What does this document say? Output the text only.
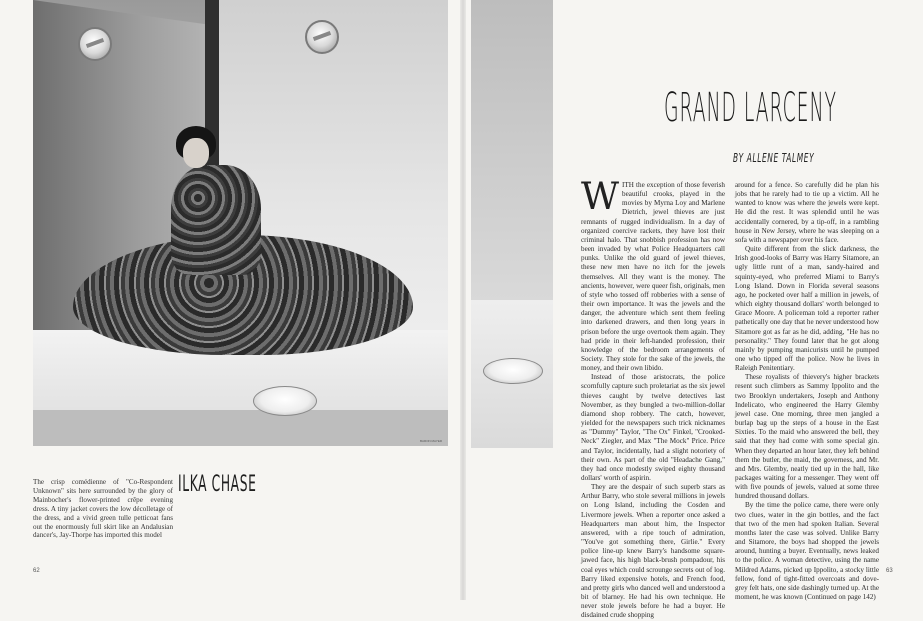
BARON MAYER
The crisp comédienne of "Co-Respondent Unknown" sits here surrounded by the glory of Mainbocher's flower-printed crêpe evening dress. A tiny jacket covers the low décolletage of the dress, and a vivid green tulle petticoat fans out the enormously full skirt like an Andalusian dancer's, Jay-Thorpe has imported this model
ILKA CHASE
GRAND LARCENY
BY ALLENE TALMEY

WITH the exception of those feverish beautiful crooks, played in the movies by Myrna Loy and Marlene Dietrich, jewel thieves are just remnants of rugged individualism. In a day of organized coercive rackets, they have lost their criminal halo. That snobbish profession has now been invaded by what Police Headquarters call punks. Unlike the old guard of jewel thieves, these new men have no itch for the jewels themselves. All they want is the money. The ancients, however, were queer fish, originals, men of style who tossed off robberies with a sense of their own importance. It was the jewels and the danger, the adventure which sent them feeling into darkened drawers, and then long years in prison before the urge overtook them again. They had pride in their left-handed profession, their knowledge of the bedroom arrangements of Society. They stole for the sake of the jewels, the money, and their own libido.

Instead of those aristocrats, the police scornfully capture such proletariat as the six jewel thieves caught by twelve detectives last November, as they bungled a two-million-dollar diamond shop robbery. The catch, however, yielded for the newspapers such trick nicknames as "Dummy" Taylor, "The Ox" Finkel, "Crooked-Neck" Ziegler, and Max "The Mock" Price. Price and Taylor, incidentally, had a slight notoriety of their own. As part of the old "Headache Gang," they had once modestly swiped eighty thousand dollars' worth of aspirin.

They are the despair of such superb stars as Arthur Barry, who stole several millions in jewels on Long Island, including the Cosden and Livermore jewels. When a reporter once asked a Headquarters man about him, the Inspector answered, with a ripe touch of admiration, "You've got something there, Girlie." Every police line-up knew Barry's handsome square-jawed face, his high black-brush pompadour, his coal eyes which could scrounge secrets out of log. Barry liked expensive hotels, and French food, and pretty girls who danced well and understood a bit of blarney. He had his own technique. He never stole jewels before he had a buyer. He disdained crude shopping

around for a fence. So carefully did he plan his jobs that he rarely had to tie up a victim. All he wanted to know was where the jewels were kept. He did the rest. It was splendid until he was accidentally cornered, by a tip-off, in a rambling house in New Jersey, where he was sleeping on a sofa with a newspaper over his face.

Quite different from the slick darkness, the Irish good-looks of Barry was Harry Sitamore, an ugly little runt of a man, sandy-haired and squinty-eyed, who preferred Miami to Barry's Long Island. Down in Florida several seasons ago, he pocketed over half a million in jewels, of which eighty thousand dollars' worth belonged to Grace Moore. A policeman told a reporter rather pathetically one day that he never understood how Sitamore got as far as he did, adding, "He has no personality." They found later that he got along mainly by pumping manicurists until he pumped one who tipped off the police. Now he lives in Raleigh Penitentiary.

These royalists of thievery's higher brackets resent such climbers as Sammy Ippolito and the two Brooklyn undertakers, Joseph and Anthony Indelicato, who engineered the Harry Glemby jewel case. One morning, three men jangled a burlap bag up the steps of a house in the East Sixties. To the maid who answered the bell, they said that they had come with some special gin. When they departed an hour later, they left behind them the butler, the maid, the governess, and Mr. and Mrs. Glemby, neatly tied up in the hall, like packages waiting for a messenger. They went off with five pounds of jewels, valued at some three hundred thousand dollars.

By the time the police came, there were only two clues, water in the gin bottles, and the fact that two of the men had spoken Italian. Several months later the case was solved. Unlike Barry and Sitamore, the boys had shopped the jewels around, hunting a buyer. Eventually, news leaked to the police. A woman detective, using the name Mildred Adams, picked up Ippolito, a stocky little fellow, fond of tight-fitted overcoats and dove-grey felt hats, one side dashingly turned up. At the moment, he was known (Continued on page 142)

62	63
